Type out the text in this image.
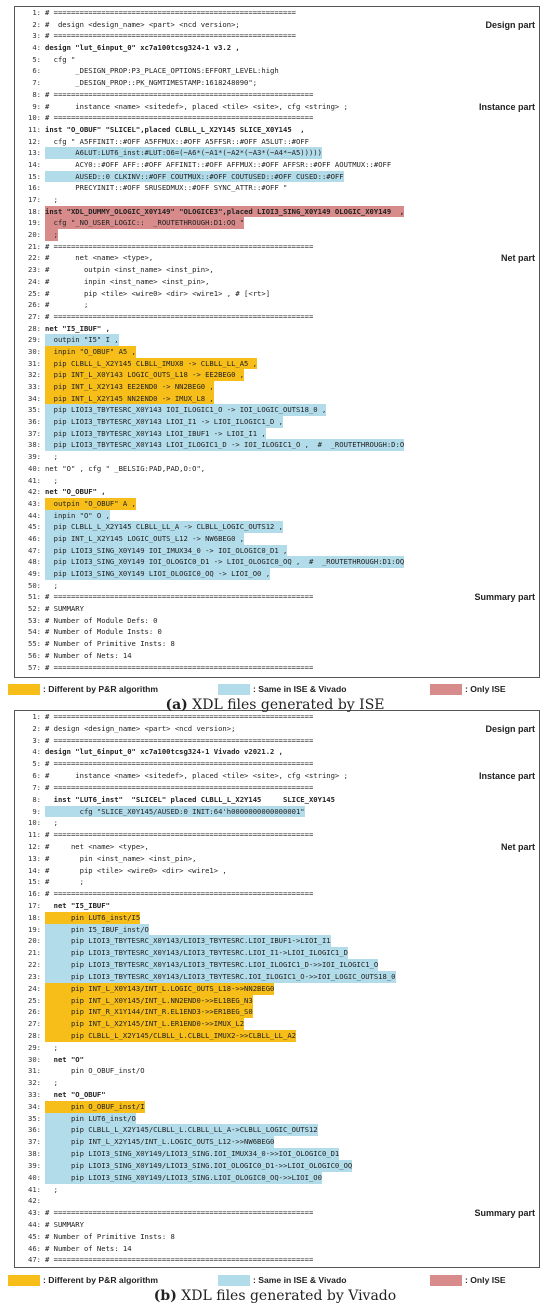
1: # ========================================================
2: #  design <design_name> <part> <ncd version>;	Design part
3: # ========================================================
4: design "lut_6input_0" xc7a100tcsg324-1 v3.2 ,
5: cfg "
6: _DESIGN_PROP:P3_PLACE_OPTIONS:EFFORT_LEVEL:high
7: _DESIGN_PROP::PK_NGMTIMESTAMP:1618248090";
8: # ============================================================
9: #      instance <name> <sitedef>, placed <tile> <site>, cfg <string> ;	Instance part
10: # ============================================================
11: inst "O_OBUF" "SLICEL",placed CLBLL_L_X2Y145 SLICE_X0Y145  ,
12: cfg " A5FFINIT::#OFF A5FFMUX::#OFF A5FFSR::#OFF A5LUT::#OFF
13: A6LUT:LUT6_inst:#LUT:O6=(~A6*(~A1*(~A2*(~A3*(~A4*~A5)))))
14: ACY0::#OFF AFF::#OFF AFFINIT::#OFF AFFMUX::#OFF AFFSR::#OFF AOUTMUX::#OFF
15: AUSED::0 CLKINV::#OFF COUTMUX::#OFF COUTUSED::#OFF CUSED::#OFF
16: PRECYINIT::#OFF SRUSEDMUX::#OFF SYNC_ATTR::#OFF "
17: ;
18: inst "XDL_DUMMY_OLOGIC_X0Y149" "OLOGICE3",placed LIOI3_SING_X0Y149 OLOGIC_X0Y149  ,
19: cfg "_NO_USER_LOGIC::  _ROUTETHROUGH:D1:OQ "
20: ;
21: # ============================================================
22: #      net <name> <type>,	Net part
23: #        outpin <inst_name> <inst_pin>,
24: #        inpin <inst_name> <inst_pin>,
25: #        pip <tile> <wire0> <dir> <wire1> , # [<rt>]
26: #        ;
27: # ============================================================
28: net "I5_IBUF" ,
29: outpin "I5" I ,
30: inpin "O_OBUF" A5 ,
31: pip CLBLL_L_X2Y145 CLBLL_IMUX8 -> CLBLL_LL_A5 ,
32: pip INT_L_X0Y143 LOGIC_OUTS_L18 -> EE2BEG0 ,
33: pip INT_L_X2Y143 EE2END0 -> NN2BEG0 ,
34: pip INT_L_X2Y145 NN2END0 -> IMUX_L8 ,
35: pip LIOI3_TBYTESRC_X0Y143 IOI_ILOGIC1_O -> IOI_LOGIC_OUTS18_0 ,
36: pip LIOI3_TBYTESRC_X0Y143 LIOI_I1 -> LIOI_ILOGIC1_D ,
37: pip LIOI3_TBYTESRC_X0Y143 LIOI_IBUF1 -> LIOI_I1 ,
38: pip LIOI3_TBYTESRC_X0Y143 LIOI_ILOGIC1_D -> IOI_ILOGIC1_O ,  #  _ROUTETHROUGH:D:O
39: ;
40: net "O" , cfg " _BELSIG:PAD,PAD,O:O",
41: ;
42: net "O_OBUF" ,
43: outpin "O_OBUF" A ,
44: inpin "O" O ,
45: pip CLBLL_L_X2Y145 CLBLL_LL_A -> CLBLL_LOGIC_OUTS12 ,
46: pip INT_L_X2Y145 LOGIC_OUTS_L12 -> NW6BEG0 ,
47: pip LIOI3_SING_X0Y149 IOI_IMUX34_0 -> IOI_OLOGIC0_D1 ,
48: pip LIOI3_SING_X0Y149 IOI_OLOGIC0_D1 -> LIOI_OLOGIC0_OQ ,  #  _ROUTETHROUGH:D1:OQ
49: pip LIOI3_SING_X0Y149 LIOI_OLOGIC0_OQ -> LIOI_O0 ,
50: ;
51: # ============================================================	Summary part
52: # SUMMARY
53: # Number of Module Defs: 0
54: # Number of Module Insts: 0
55: # Number of Primitive Insts: 8
56: # Number of Nets: 14
57: # ============================================================
: Different by P&R algorithm	: Same in ISE & Vivado	: Only ISE
1: # ============================================================
2: # design <design_name> <part> <ncd version>;	Design part
3: # ============================================================
4: design "lut_6input_0" xc7a100tcsg324-1 Vivado v2021.2 ,
5: # ============================================================
6: #      instance <name> <sitedef>, placed <tile> <site>, cfg <string> ;	Instance part
7: # ============================================================
8: inst "LUT6_inst"  "SLICEL" placed CLBLL_L_X2Y145     SLICE_X0Y145
9: cfg "SLICE_X0Y145/AUSED:0 INIT:64'h0000000000000001"
10: ;
11: # ============================================================
12: #     net <name> <type>,	Net part
13: #       pin <inst_name> <inst_pin>,
14: #       pip <tile> <wire0> <dir> <wire1> ,
15: #       ;
16: # ============================================================
17: net "I5_IBUF"
18: pin LUT6_inst/I5
19: pin I5_IBUF_inst/O
20: pip LIOI3_TBYTESRC_X0Y143/LIOI3_TBYTESRC.LIOI_IBUF1->LIOI_I1
21: pip LIOI3_TBYTESRC_X0Y143/LIOI3_TBYTESRC.LIOI_I1->LIOI_ILOGIC1_D
22: pip LIOI3_TBYTESRC_X0Y143/LIOI3_TBYTESRC.LIOI_ILOGIC1_D->>IOI_ILOGIC1_O
23: pip LIOI3_TBYTESRC_X0Y143/LIOI3_TBYTESRC.IOI_ILOGIC1_O->>IOI_LOGIC_OUTS18_0
24: pip INT_L_X0Y143/INT_L.LOGIC_OUTS_L18->>NN2BEG0
25: pip INT_L_X0Y145/INT_L.NN2END0->>EL1BEG_N3
26: pip INT_R_X1Y144/INT_R.EL1END3->>ER1BEG_S0
27: pip INT_L_X2Y145/INT_L.ER1END0->>IMUX_L2
28: pip CLBLL_L_X2Y145/CLBLL_L.CLBLL_IMUX2->>CLBLL_LL_A2
29: ;
30: net "O"
31: pin O_OBUF_inst/O
32: ;
33: net "O_OBUF"
34: pin O_OBUF_inst/I
35: pin LUT6_inst/O
36: pip CLBLL_L_X2Y145/CLBLL_L.CLBLL_LL_A->CLBLL_LOGIC_OUTS12
37: pip INT_L_X2Y145/INT_L.LOGIC_OUTS_L12->>NW6BEG0
38: pip LIOI3_SING_X0Y149/LIOI3_SING.IOI_IMUX34_0->>IOI_OLOGIC0_D1
39: pip LIOI3_SING_X0Y149/LIOI3_SING.IOI_OLOGIC0_D1->>LIOI_OLOGIC0_OQ
40: pip LIOI3_SING_X0Y149/LIOI3_SING.LIOI_OLOGIC0_OQ->>LIOI_O0
41: ;
42:
43: # ============================================================	Summary part
44: # SUMMARY
45: # Number of Primitive Insts: 8
46: # Number of Nets: 14
47: # ============================================================
: Different by P&R algorithm	: Same in ISE & Vivado	: Only ISE
(b) XDL files generated by Vivado
(a) XDL files generated by ISE
